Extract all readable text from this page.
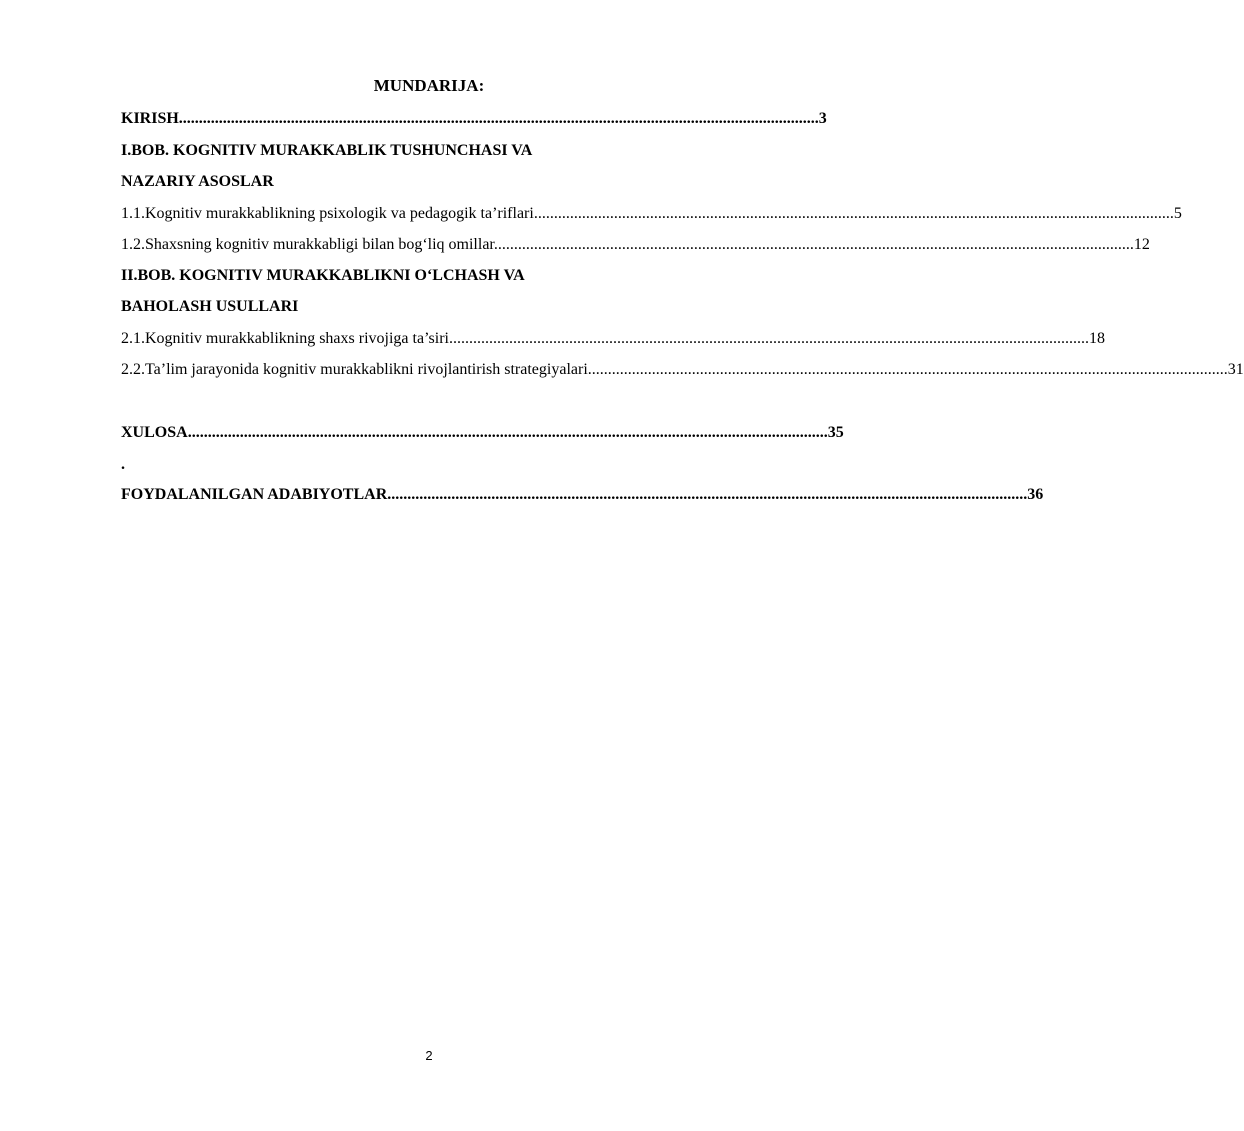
MUNDARIJA:
KIRISH................................................................................................................................................................ 3
I.BOB. KOGNITIV MURAKKABLIK TUSHUNCHASI VA
NAZARIY ASOSLAR
1.1.Kognitiv murakkablikning psixologik va pedagogik ta’riflari................................................................................................................................................................ 5
1.2.Shaxsning kognitiv murakkabligi bilan bog‘liq omillar................................................................................................................................................................ 12
II.BOB. KOGNITIV MURAKKABLIKNI O‘LCHASH VA
BAHOLASH USULLARI
2.1.Kognitiv murakkablikning shaxs rivojiga ta’siri................................................................................................................................................................ 18
2.2.Ta’lim jarayonida kognitiv murakkablikni rivojlantirish strategiyalari................................................................................................................................................................ 31
XULOSA................................................................................................................................................................ 35
.
FOYDALANILGAN ADABIYOTLAR................................................................................................................................................................ 36
2
